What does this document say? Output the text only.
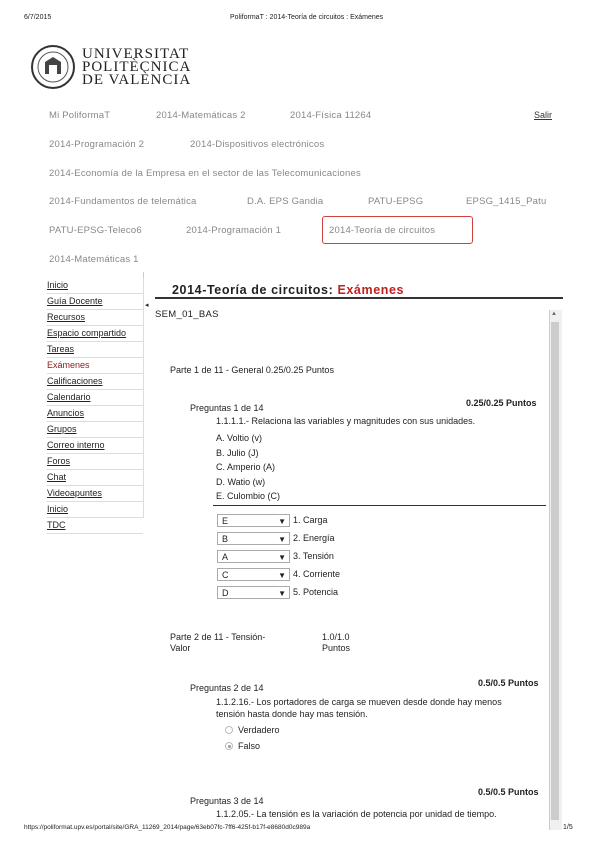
6/7/2015	PoliformaT : 2014-Teoría de circuitos : Exámenes
UNIVERSITAT
POLITÈCNICA
DE VALÈNCIA
Mi PoliformaT	2014-Matemáticas 2	2014-Física 11264	Salir
2014-Programación 2	2014-Dispositivos electrónicos
2014-Economía de la Empresa en el sector de las Telecomunicaciones
2014-Fundamentos de telemática	D.A. EPS Gandia	PATU-EPSG	EPSG_1415_Patu
PATU-EPSG-Teleco6	2014-Programación 1	2014-Teoría de circuitos
2014-Matemáticas 1
◂
Inicio
Guía Docente
Recursos
Espacio compartido
Tareas
Exámenes
Calificaciones
Calendario
Anuncios
Grupos
Correo interno
Foros
Chat
Videoapuntes
Inicio
TDC
2014-Teoría de circuitos: Exámenes
SEM_01_BAS
Parte 1 de 11 - General 0.25/0.25 Puntos
Preguntas 1 de 14	0.25/0.25 Puntos
1.1.1.1.- Relaciona las variables y magnitudes con sus unidades.
A. Voltio (v)
B. Julio (J)
C. Amperio (A)
D. Watio (w)
E. Culombio (C)
E	▼ 1. Carga
B	▼ 2. Energía
A	▼ 3. Tensión
C	▼ 4. Corriente
D	▼ 5. Potencia
Parte 2 de 11 - Tensión-
Valor
1.0/1.0
Puntos
Preguntas 2 de 14	0.5/0.5 Puntos
1.1.2.16.- Los portadores de carga se mueven desde donde hay menos
tensión hasta donde hay mas tensión.
Verdadero
Falso
Preguntas 3 de 14
0.5/0.5 Puntos
1.1.2.05.- La tensión es la variación de potencia por unidad de tiempo.
▲
https://poliformat.upv.es/portal/site/GRA_11269_2014/page/63eb07fc-7ff6-425f-b17f-e8680d0c989a	1/5
